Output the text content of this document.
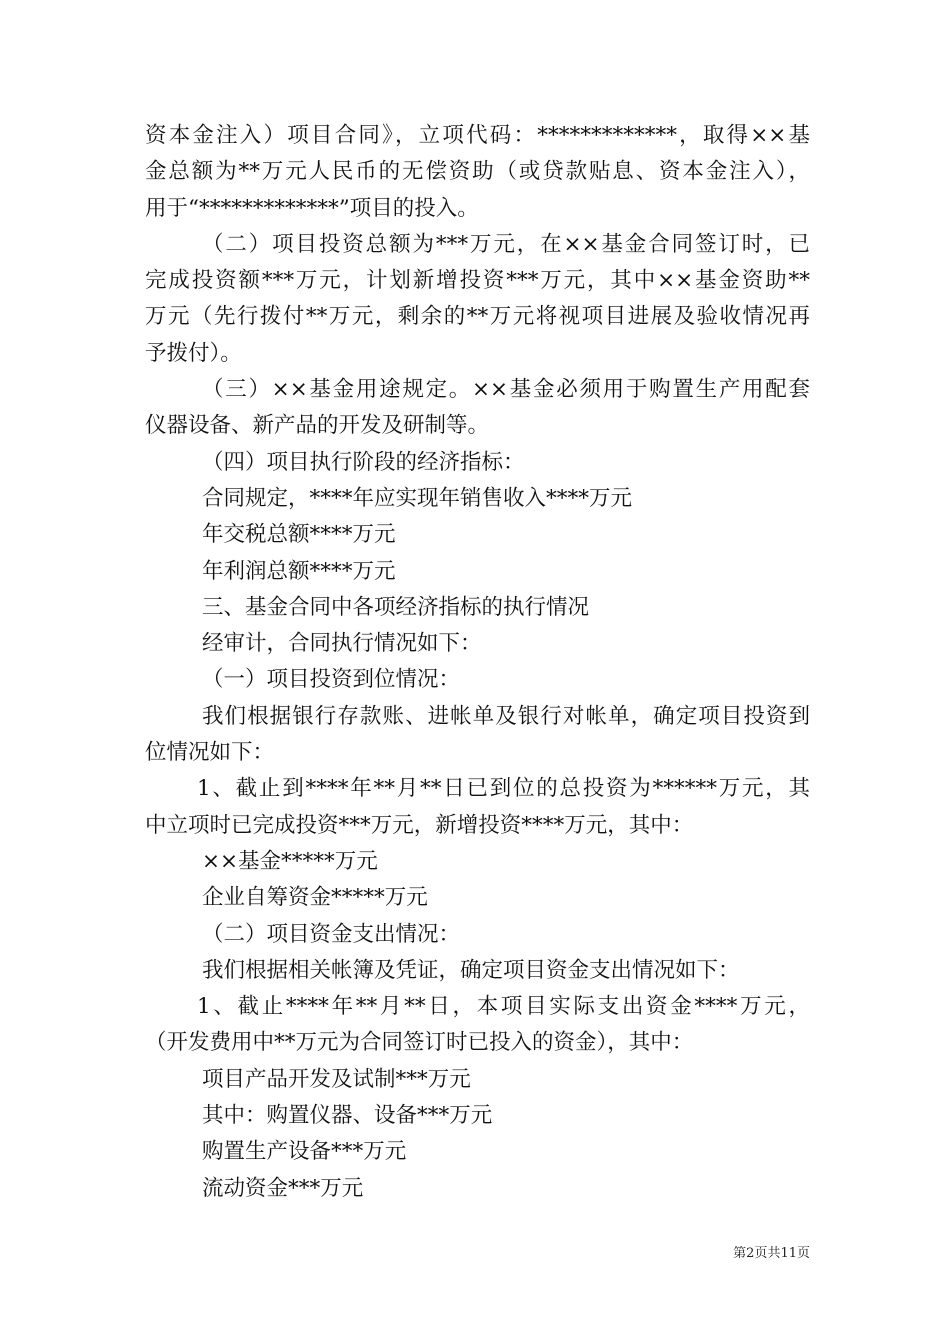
资本金注入）项目合同》，立项代码：*************，取得××基
金总额为**万元人民币的无偿资助（或贷款贴息、资本金注入），
用于“*************”项目的投入。
（二）项目投资总额为***万元，在××基金合同签订时，已
完成投资额***万元，计划新增投资***万元，其中××基金资助**
万元（先行拨付**万元，剩余的**万元将视项目进展及验收情况再
予拨付）。
（三）××基金用途规定。××基金必须用于购置生产用配套
仪器设备、新产品的开发及研制等。
（四）项目执行阶段的经济指标：
合同规定，****年应实现年销售收入****万元
年交税总额****万元
年利润总额****万元
三、基金合同中各项经济指标的执行情况
经审计，合同执行情况如下：
（一）项目投资到位情况：
我们根据银行存款账、进帐单及银行对帐单，确定项目投资到
位情况如下：
1、截止到****年**月**日已到位的总投资为******万元，其
中立项时已完成投资***万元，新增投资****万元，其中：
××基金*****万元
企业自筹资金*****万元
（二）项目资金支出情况：
我们根据相关帐簿及凭证，确定项目资金支出情况如下：
1、截止****年**月**日，本项目实际支出资金****万元，
（开发费用中**万元为合同签订时已投入的资金），其中：
项目产品开发及试制***万元
其中：购置仪器、设备***万元
购置生产设备***万元
流动资金***万元
第2页共11页
